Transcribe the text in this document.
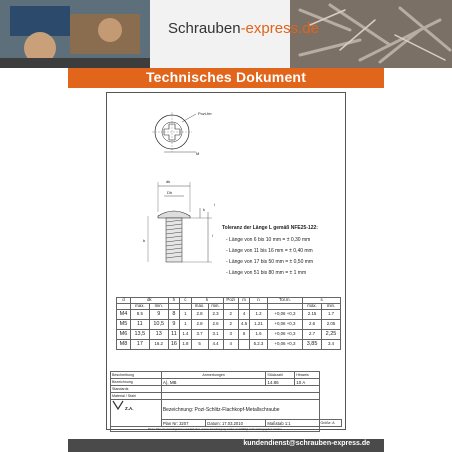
Schrauben-express.de
Technisches Dokument
Pozi-fer
M
dk
Dh
k
l
b
i
Toleranz der Länge L gemäß NFE25-122:
- Länge von 6 bis 10 mm = ± 0,30 mm
- Länge von 11 bis 16 mm = ± 0,40 mm
- Länge von 17 bis 50 mm = ± 0,50 mm
- Länge von 51 bis 80 mm = ± 1 mm
d	dk		h	c	k		Pozi	m	n	Tol.m.	s	
	max.	min.			max.	min.					max.	min.
M4	8.5	9	8	1	2.8	2.3	2	4	1.2	+0,06 +0,3	2.15	1.7
M5	11	10,5	9	1	2.8	2.6	2	4.5	1.21	+0,06 +0,3	2.6	2.05
M6	13,5	13	11	1.4	3.7	3.1	3	6	1.6	+0,06 +0,3	2.7	2,25
M8	17	16.2	16	1.8	5	4.4	4		5.2.3	+0,06 +0,3	3,85	3.4
Beschreibung	Anmerkungen		Stückzahl	Hinweis	
Bezeichnung	A), MB		14.86	10 A	
Standards					
Material / Stahl					
Z.A.	Bezeichnung: Pozi-Schlitz-Flachkopf-Metallschraube				
	Plan Nr: 3207	Datum: 17.03.2010	Maßstab 1:1		Größe: A
Dieser Plan ist unser Eigentum und darf ohne unsere Genehmigung weder vervielfältigt noch weitergegeben werden					
kundendienst@schrauben-express.de
